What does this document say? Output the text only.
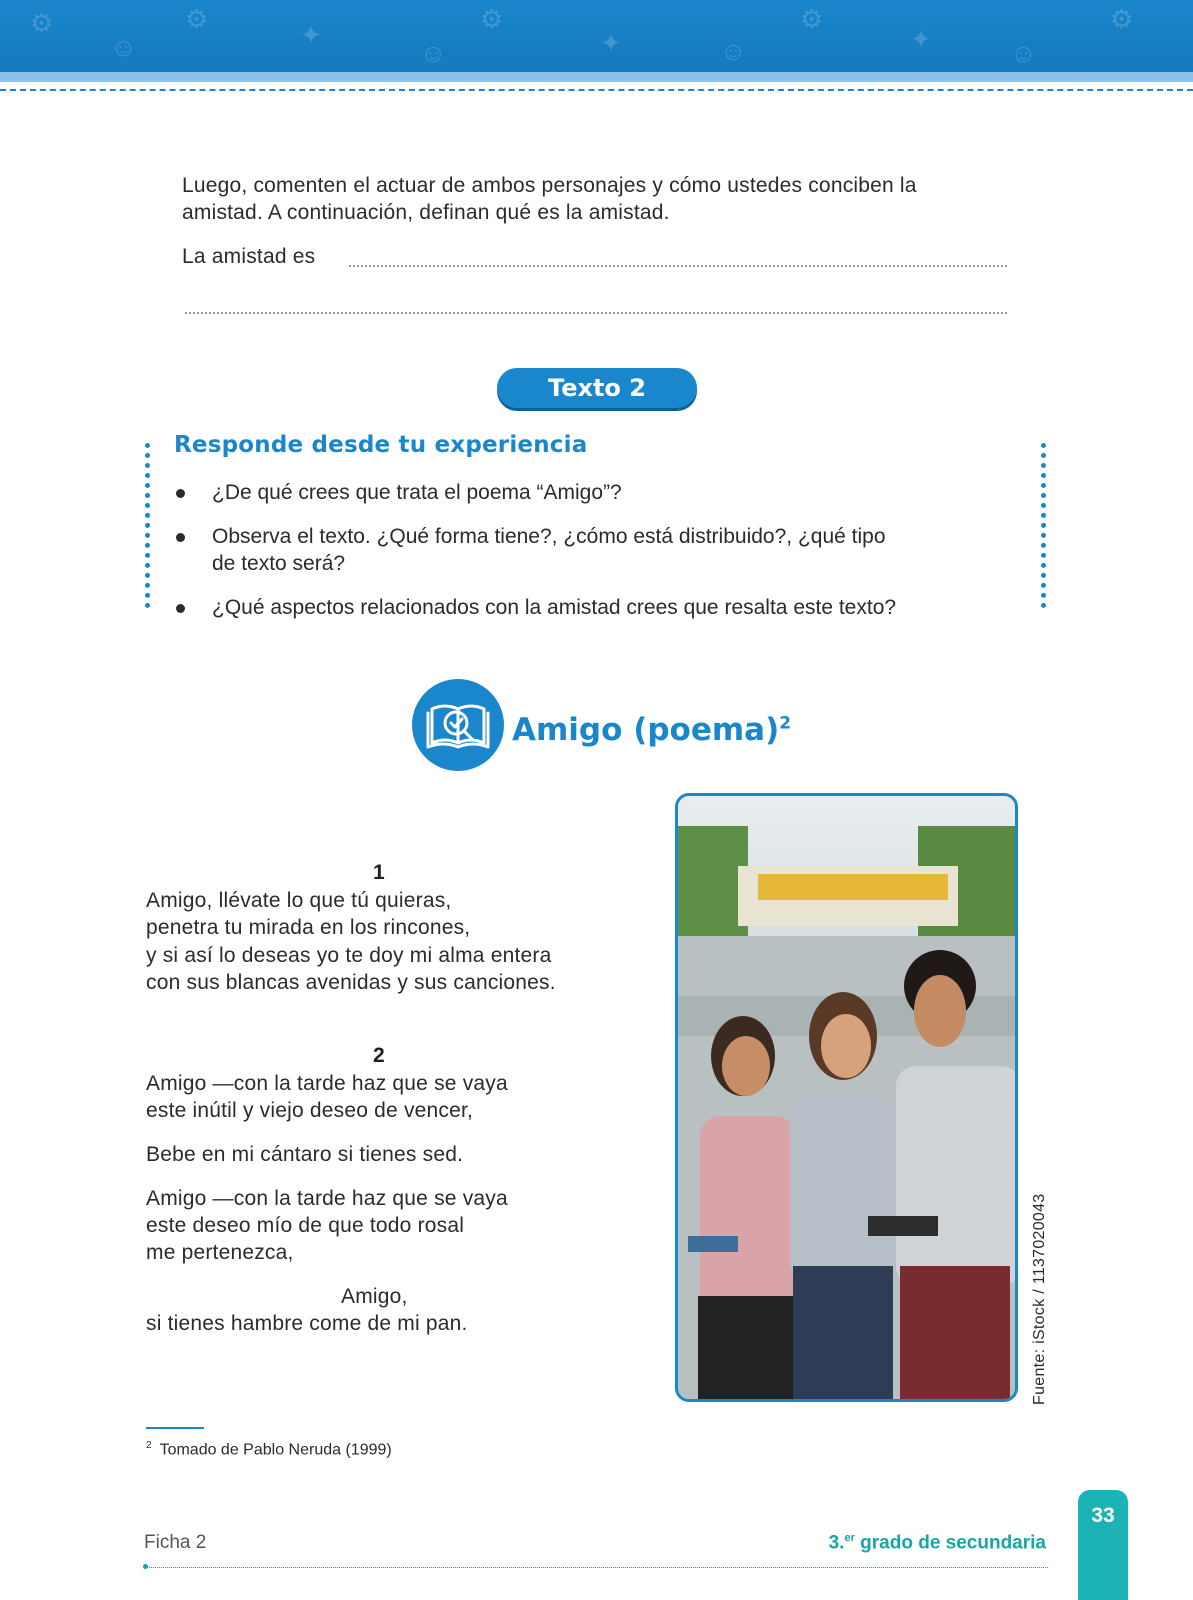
⚙
☺
⚙
✦
☺
⚙
✦	☺
⚙
✦	☺
⚙
Luego, comenten el actuar de ambos personajes y cómo ustedes conciben la
amistad. A continuación, definan qué es la amistad.
La amistad es
Texto 2
Responde desde tu experiencia
¿De qué crees que trata el poema “Amigo”?
Observa el texto. ¿Qué forma tiene?, ¿cómo está distribuido?, ¿qué tipo
de texto será?
¿Qué aspectos relacionados con la amistad crees que resalta este texto?
Amigo (poema)$^2$
1
Amigo, llévate lo que tú quieras,
penetra tu mirada en los rincones,
y si así lo deseas yo te doy mi alma entera
con sus blancas avenidas y sus canciones.
2
Amigo —con la tarde haz que se vaya
este inútil y viejo deseo de vencer,
Bebe en mi cántaro si tienes sed.
Amigo —con la tarde haz que se vaya
este deseo mío de que todo rosal
me pertenezca,
Amigo,
si tienes hambre come de mi pan.	Fuente: iStock / 1137020043
$^2$ Tomado de Pablo Neruda (1999)
Ficha 2	3.$^{er}$ grado de secundaria
33
